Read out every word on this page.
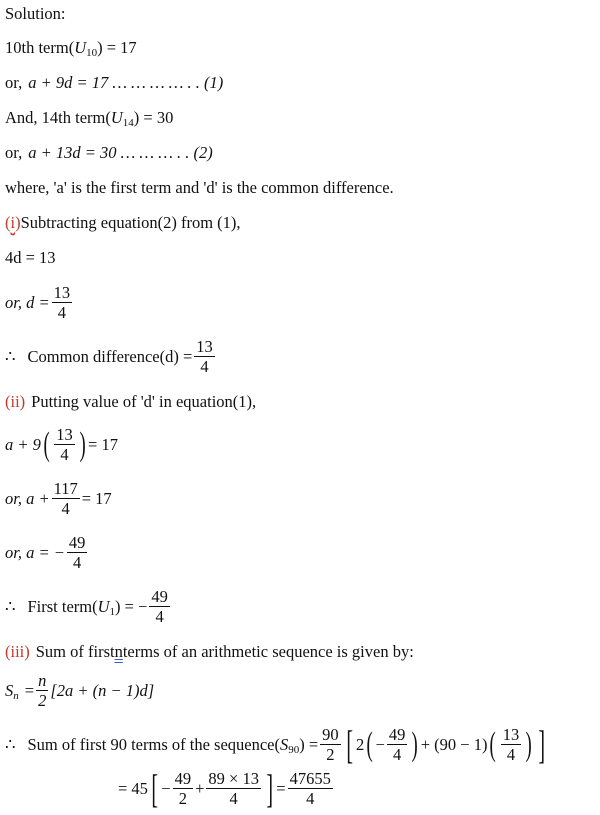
Solution:
10th term( U 10 ) = 17
or, a + 9d = 17 … … … … . . (1)
And, 14th term( U 14 ) = 30
or, a + 13d = 30 … … … . . (2)
where, 'a' is the first term and 'd' is the common difference.
(i) Subtracting equation(2) from (1),
4d = 13
or, $d = \frac{13}{4}$
∴ Common difference(d) = $\frac{13}{4}$
(ii) Putting value of 'd' in equation(1),
a + 9 ( $\frac{13}{4}$ ) = 17
or, $a + \frac{117}{4} = 17$
or, a = − $\frac{49}{4}$
∴ First term( U 1 ) = − $\frac{49}{4}$
(iii) Sum of first n terms of an arithmetic sequence is given by:
S $n = \frac{n}{2} [2a + (n - 1)d]$
∴ Sum of first 90 terms of the sequence( S 90 ) = $\frac{90}{2}$ [ 2 ( − $\frac{49}{4}$ ) + (90 − 1) ( $\frac{13}{4}$ ) ]
= 45 [ − $\frac{49}{2} + \frac{89 \times 13}{4}$ ] = $\frac{47655}{4}$
